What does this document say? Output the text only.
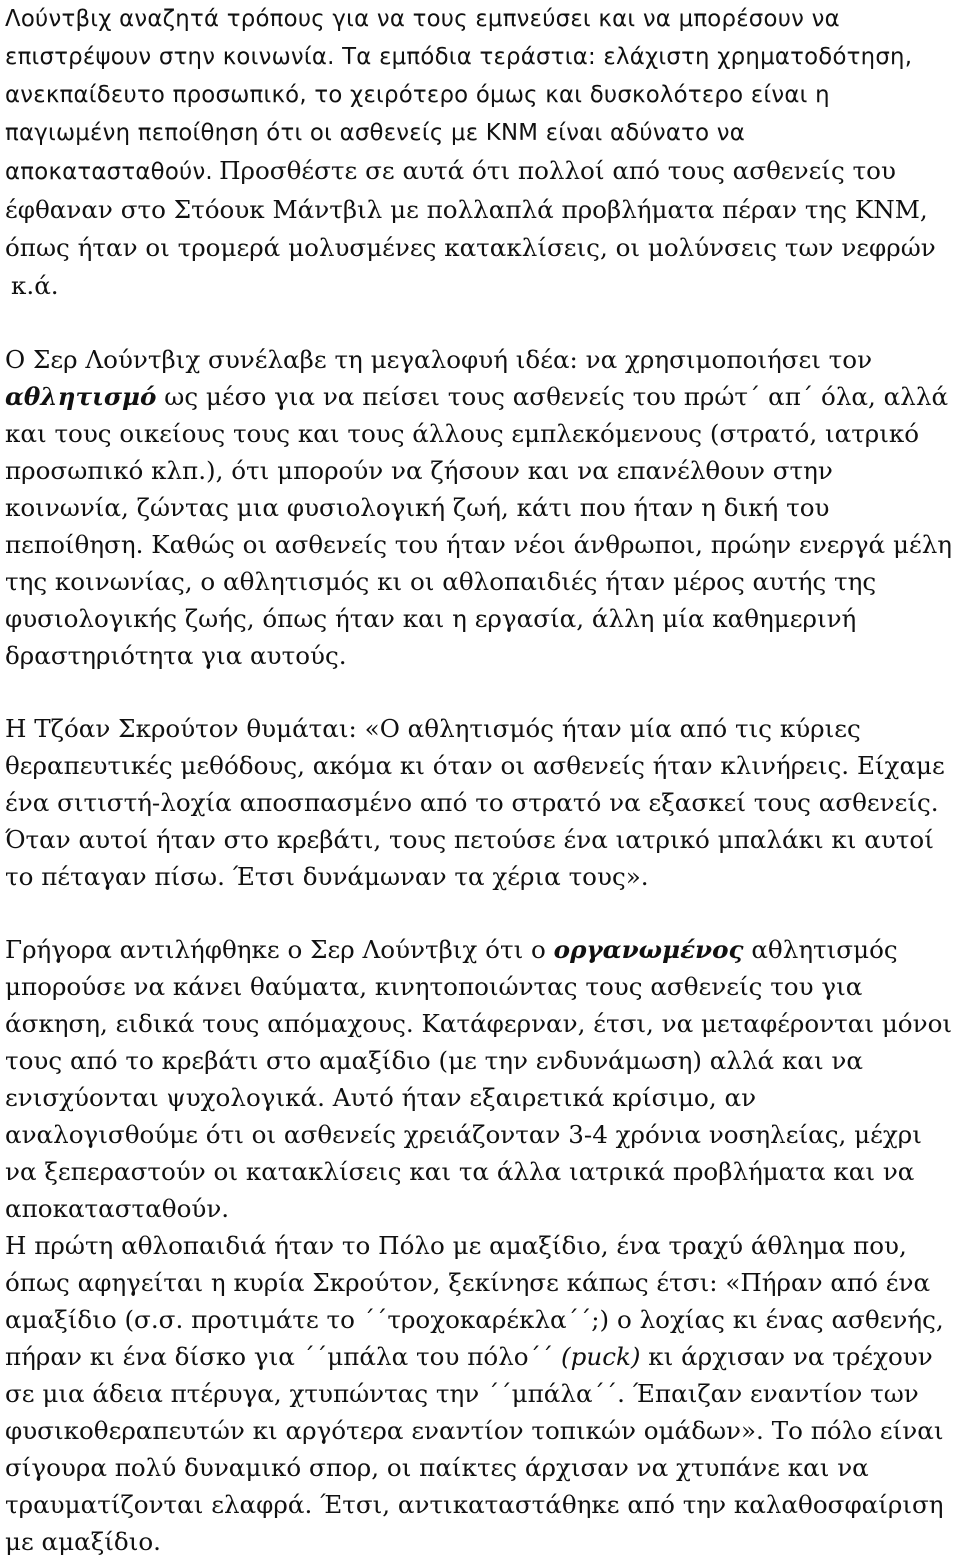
Λούντβιχ αναζητά τρόπους για να τους εμπνεύσει και να μπορέσουν να επιστρέψουν στην κοινωνία. Τα εμπόδια τεράστια: ελάχιστη χρηματοδότηση, ανεκπαίδευτο προσωπικό, το χειρότερο όμως και δυσκολότερο είναι η παγιωμένη πεποίθηση ότι οι ασθενείς με ΚΝΜ είναι αδύνατο να αποκατασταθούν. Προσθέστε σε αυτά ότι πολλοί από τους ασθενείς του έφθαναν στο Στόουκ Μάντβιλ με πολλαπλά προβλήματα πέραν της ΚΝΜ, όπως ήταν οι τρομερά μολυσμένες κατακλίσεις, οι μολύνσεις των νεφρών
κ.ά.

Ο Σερ Λούντβιχ συνέλαβε τη μεγαλοφυή ιδέα: να χρησιμοποιήσει τον αθλητισμό ως μέσο για να πείσει τους ασθενείς του πρώτ΄ απ΄ όλα, αλλά και τους οικείους τους και τους άλλους εμπλεκόμενους (στρατό, ιατρικό προσωπικό κλπ.), ότι μπορούν να ζήσουν και να επανέλθουν στην κοινωνία, ζώντας μια φυσιολογική ζωή, κάτι που ήταν η δική του πεποίθηση. Καθώς οι ασθενείς του ήταν νέοι άνθρωποι, πρώην ενεργά μέλη της κοινωνίας, ο αθλητισμός κι οι αθλοπαιδιές ήταν μέρος αυτής της φυσιολογικής ζωής, όπως ήταν και η εργασία, άλλη μία καθημερινή δραστηριότητα για αυτούς.

Η Τζόαν Σκρούτον θυμάται: «Ο αθλητισμός ήταν μία από τις κύριες θεραπευτικές μεθόδους, ακόμα κι όταν οι ασθενείς ήταν κλινήρεις. Είχαμε ένα σιτιστή-λοχία αποσπασμένο από το στρατό να εξασκεί τους ασθενείς. Όταν αυτοί ήταν στο κρεβάτι, τους πετούσε ένα ιατρικό μπαλάκι κι αυτοί το πέταγαν πίσω. Έτσι δυνάμωναν τα χέρια τους».

Γρήγορα αντιλήφθηκε ο Σερ Λούντβιχ ότι ο οργανωμένος αθλητισμός μπορούσε να κάνει θαύματα, κινητοποιώντας τους ασθενείς του για άσκηση, ειδικά τους απόμαχους. Κατάφερναν, έτσι, να μεταφέρονται μόνοι τους από το κρεβάτι στο αμαξίδιο (με την ενδυνάμωση) αλλά και να ενισχύονται ψυχολογικά. Αυτό ήταν εξαιρετικά κρίσιμο, αν αναλογισθούμε ότι οι ασθενείς χρειάζονταν 3-4 χρόνια νοσηλείας, μέχρι να ξεπεραστούν οι κατακλίσεις και τα άλλα ιατρικά προβλήματα και να αποκατασταθούν.

Η πρώτη αθλοπαιδιά ήταν το Πόλο με αμαξίδιο, ένα τραχύ άθλημα που, όπως αφηγείται η κυρία Σκρούτον, ξεκίνησε κάπως έτσι: «Πήραν από ένα αμαξίδιο (σ.σ. προτιμάτε το ΄΄τροχοκαρέκλα΄΄;) ο λοχίας κι ένας ασθενής, πήραν κι ένα δίσκο για ΄΄μπάλα του πόλο΄΄ (puck) κι άρχισαν να τρέχουν σε μια άδεια πτέρυγα, χτυπώντας την ΄΄μπάλα΄΄. Έπαιζαν εναντίον των φυσικοθεραπευτών κι αργότερα εναντίον τοπικών ομάδων». Το πόλο είναι σίγουρα πολύ δυναμικό σπορ, οι παίκτες άρχισαν να χτυπάνε και να τραυματίζονται ελαφρά. Έτσι, αντικαταστάθηκε από την καλαθοσφαίριση με αμαξίδιο.
